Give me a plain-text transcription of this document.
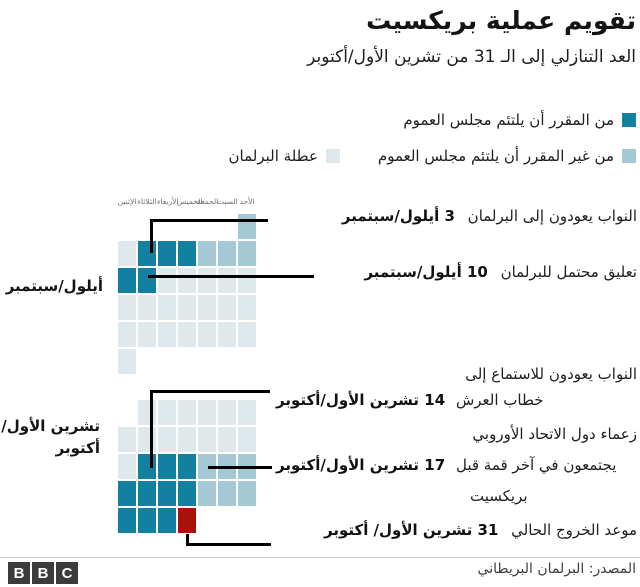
تقويم عملية بريكسيت
العد التنازلي إلى الـ 31 من تشرين الأول/أكتوبر
من المقرر أن يلتئم مجلس العموم
من غير المقرر أن يلتئم مجلس العموم
عطلة البرلمان
الإثنين الثلاثاء الأربعاء
الخميس
الجمعة
السبت الأحد
أيلول/سبتمبر
تشرين الأول/
أكتوبر
النواب يعودون إلى البرلمان 3 أيلول/سبتمبر
تعليق محتمل للبرلمان 10 أيلول/سبتمبر
النواب يعودون للاستماع إلى
خطاب العرش 14 تشرين الأول/أكتوبر
زعماء دول الاتحاد الأوروبي
يجتمعون في آخر قمة قبل 17 تشرين الأول/أكتوبر
بريكسيت
موعد الخروج الحالي 31 تشرين الأول/ أكتوبر
B B C	المصدر: البرلمان البريطاني
